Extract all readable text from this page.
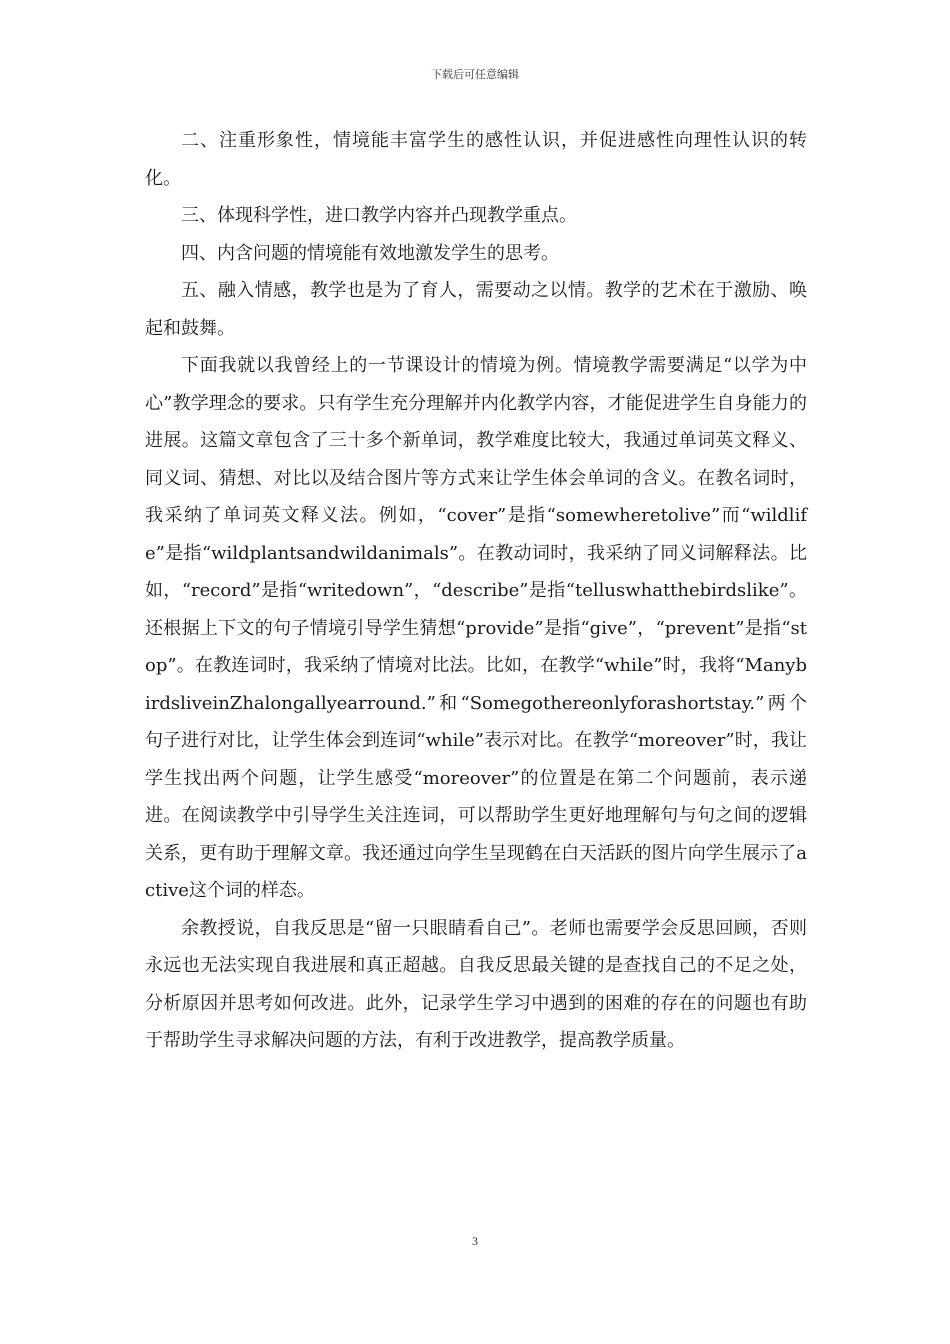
下载后可任意编辑

二、注重形象性，情境能丰富学生的感性认识，并促进感性向理性认识的转化。

三、体现科学性，进口教学内容并凸现教学重点。

四、内含问题的情境能有效地激发学生的思考。

五、融入情感，教学也是为了育人，需要动之以情。教学的艺术在于激励、唤起和鼓舞。

下面我就以我曾经上的一节课设计的情境为例。情境教学需要满足“以学为中心”教学理念的要求。只有学生充分理解并内化教学内容，才能促进学生自身能力的进展。这篇文章包含了三十多个新单词，教学难度比较大，我通过单词英文释义、同义词、猜想、对比以及结合图片等方式来让学生体会单词的含义。在教名词时，我采纳了单词英文释义法。例如，“cover”是指“somewheretolive”而“wildlife”是指“wildplantsandwildanimals”。在教动词时，我采纳了同义词解释法。比如，“record”是指“writedown”，“describe”是指“telluswhatthebirdslike”。还根据上下文的句子情境引导学生猜想“provide”是指“give”，“prevent”是指“stop”。在教连词时，我采纳了情境对比法。比如，在教学“while”时，我将“ManybirdsliveinZhalongallyearround.”和“Somegothereonlyforashortstay.”两个句子进行对比，让学生体会到连词“while”表示对比。在教学“moreover”时，我让学生找出两个问题，让学生感受“moreover”的位置是在第二个问题前，表示递进。在阅读教学中引导学生关注连词，可以帮助学生更好地理解句与句之间的逻辑关系，更有助于理解文章。我还通过向学生呈现鹤在白天活跃的图片向学生展示了active这个词的样态。

余教授说，自我反思是“留一只眼睛看自己”。老师也需要学会反思回顾，否则永远也无法实现自我进展和真正超越。自我反思最关键的是查找自己的不足之处，分析原因并思考如何改进。此外，记录学生学习中遇到的困难的存在的问题也有助于帮助学生寻求解决问题的方法，有利于改进教学，提高教学质量。

3
